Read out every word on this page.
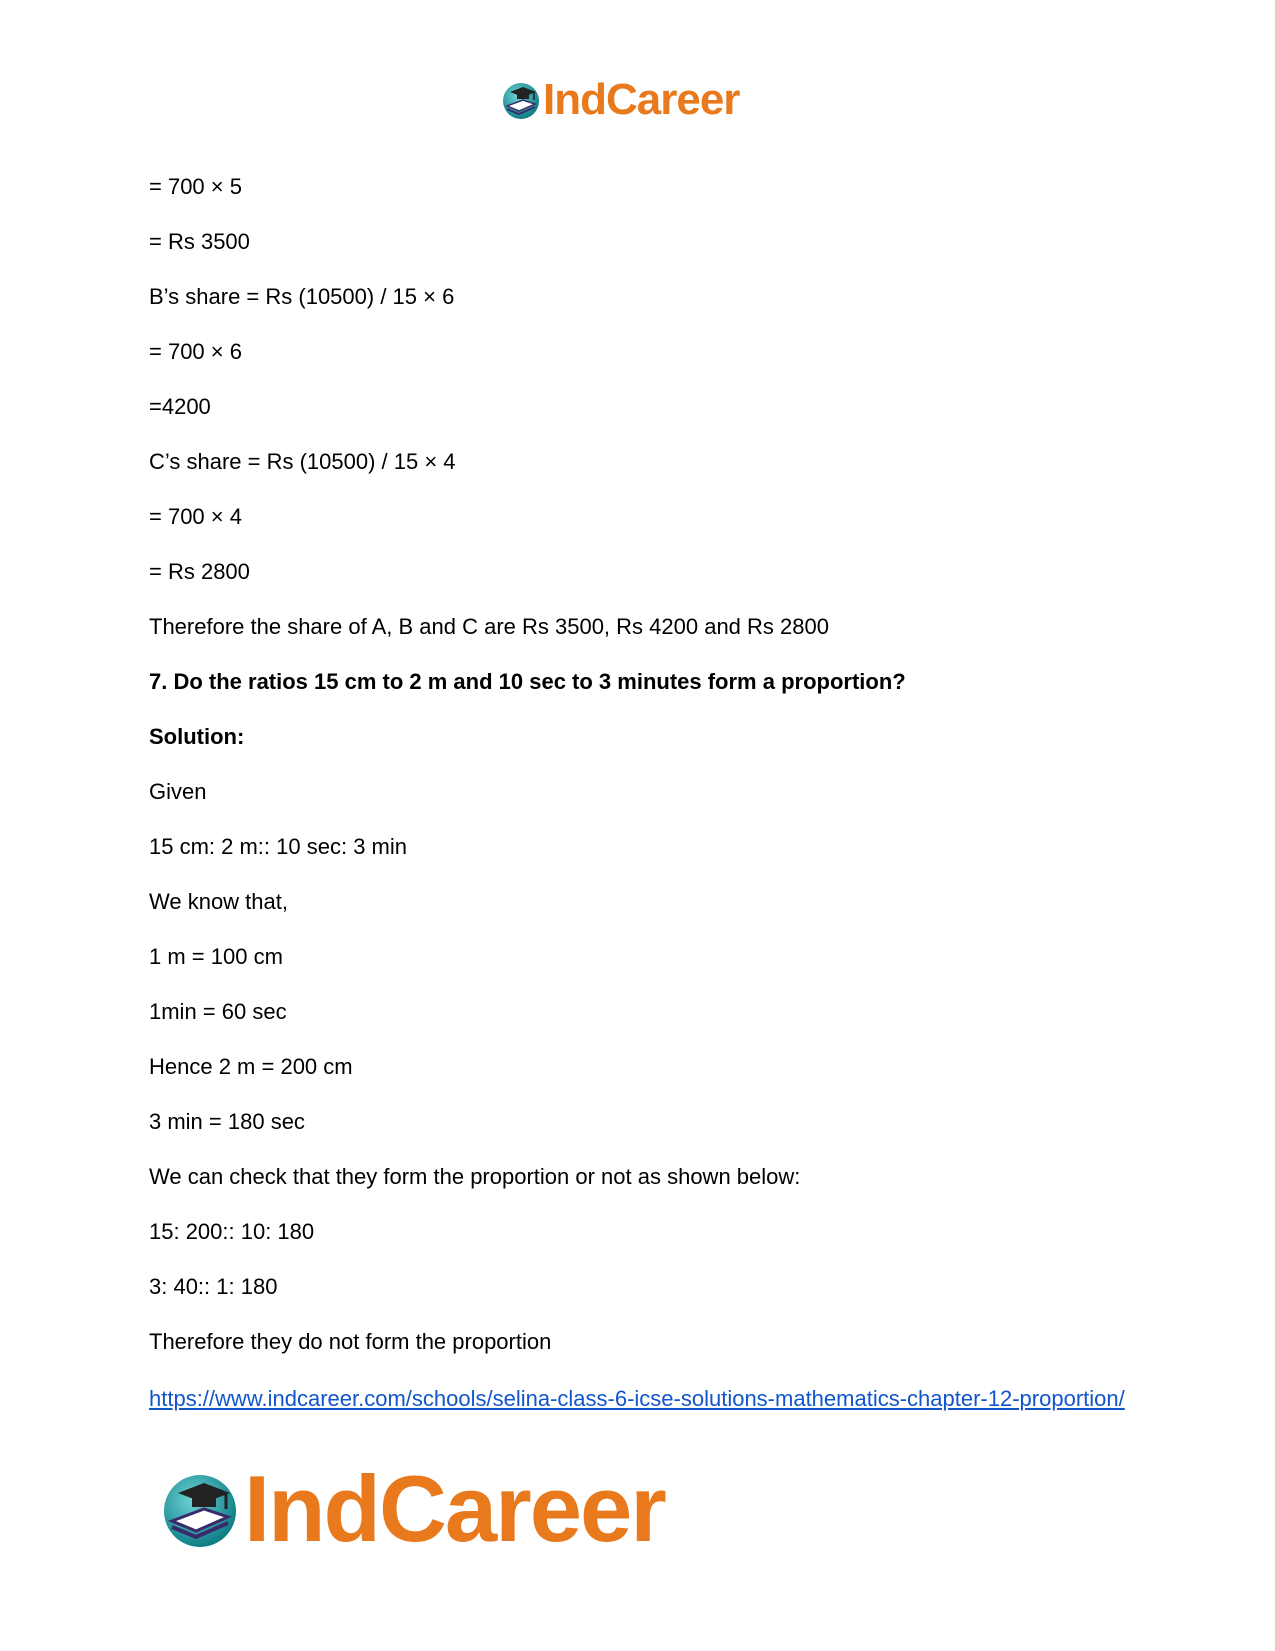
IndCareer

= 700 × 5

= Rs 3500

B’s share = Rs (10500) / 15 × 6

= 700 × 6

=4200

C’s share = Rs (10500) / 15 × 4

= 700 × 4

= Rs 2800

Therefore the share of A, B and C are Rs 3500, Rs 4200 and Rs 2800

7. Do the ratios 15 cm to 2 m and 10 sec to 3 minutes form a proportion?

Solution:

Given

15 cm: 2 m:: 10 sec: 3 min

We know that,

1 m = 100 cm

1min = 60 sec

Hence 2 m = 200 cm

3 min = 180 sec

We can check that they form the proportion or not as shown below:

15: 200:: 10: 180

3: 40:: 1: 180

Therefore they do not form the proportion

https://www.indcareer.com/schools/selina-class-6-icse-solutions-mathematics-chapter-12-proportion/
IndCareer
